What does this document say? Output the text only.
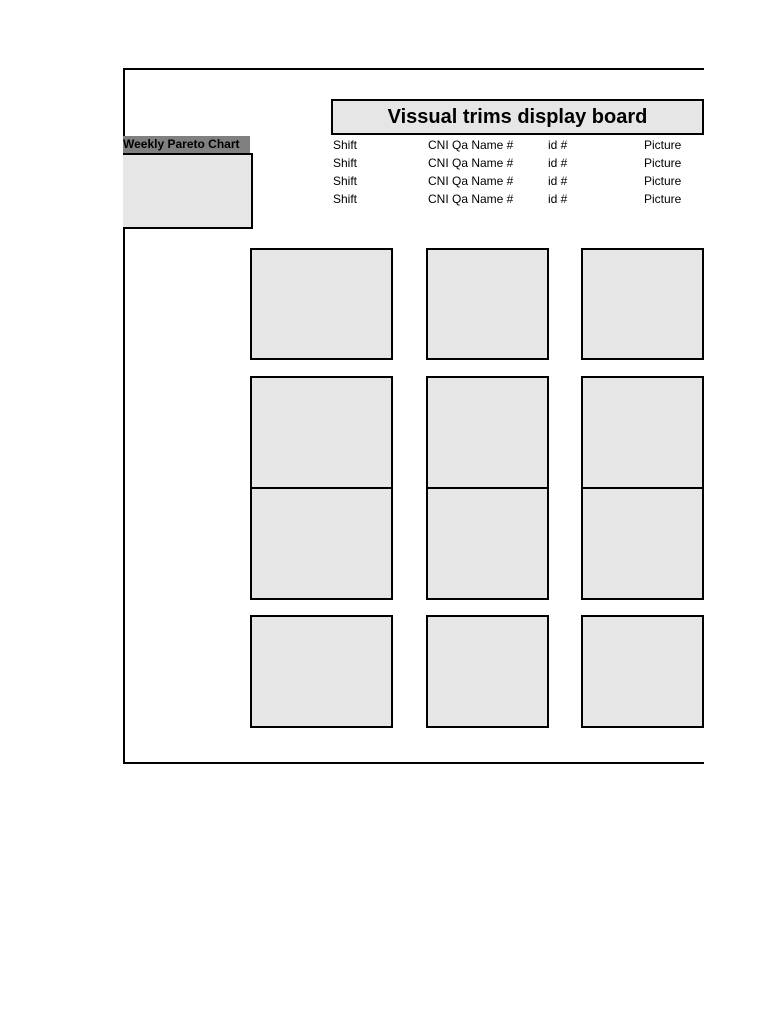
Vissual trims display board
Weekly Pareto Chart	Shift	CNI Qa Name #	id #	Picture
Shift	CNI Qa Name #	id #	Picture
Shift	CNI Qa Name #	id #	Picture
Shift	CNI Qa Name #	id #	Picture
